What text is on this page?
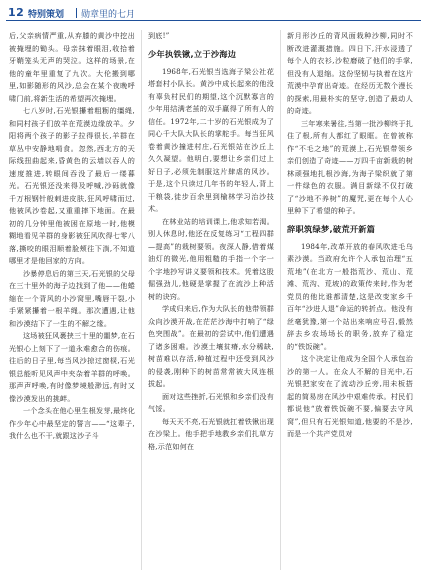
12 特别策划 勋章里的七月

后,父亲病情严重,从弃膝的黄沙中挖出被掩埋的锄头。母亲抹着眼泪,收拾着牙鞘笼头无声的哭泣。这样的场景,在他的童年里重复了九次。大伦搬到哪里,如影随形的风沙,总会在某个夜晚呼啸门前,将新生活的希望再次掩埋。

七八岁时,石光银攥着粗粝的缰绳,和同村孩子们放羊在荒漠边缘放羊。夕阳将两个孩子的影子拉得很长,羊群在草丛中安静地啃食。忽然,西北方的天际线扭曲起来,昏黄色的云墙以吞人的速度推进,转眼间吞没了最后一缕暮光。石光银还没来得及呼喊,沙砾就像千万根钢针般刺进皮肤,狂风呼啸而过,他被风沙卷起,又重重摔下地面。在最初的几分钟里他被困在原地一时,他模糊地看见羊群的身影被狂风吹得七零八落,撕咬的眼泪顺着脸颊往下淌,不知道哪里才是他回家的方向。

沙暴停息后的第三天,石光银的父母在三十里外的海子边找到了他——他蜷缩在一个背风的小沙窝里,嘴唇干裂,小手紧紧攥着一根羊绳。那次遭遇,让他和沙漠结下了一生的不解之缘。

这场被狂风裹挟三十里的噩梦,在石光银心上刻下了一道永难愈合的伤痕。往后的日子里,每当风沙掠过窗棂,石光银总能听见风声中夹杂着羊群的呼唤。那声声呼唤,有时像梦境般渺远,有时又像沙漠发出的挑衅。

一个念头在他心里生根发芽,最终化作少年心中最坚定的誓言——“这辈子,我什么也不干,就跟这沙子斗

到底!”

少年执铁锹,立于沙海边

1968年,石光银当选海子梁公社花塔套村小队长。黄沙中成长起来的他没有辜负村民们的期望,这个沉默寡言的少年用结满老茧的双手赢得了所有人的信任。1972年,二十岁的石光银成为了同心千大队大队长的掌舵手。每当狂风卷着黄沙撞进村庄,石光银站在沙丘上久久凝望。他明白,要想让乡亲们过上好日子,必须先制服这片肆虐的风沙。于是,这个只读过几年书的年轻人,背上干粮袋,徒步百余里到榆林学习治沙技术。

在林业站的培训课上,他求知若渴。别人休息时,他还在反复练习“工程四群—提高”的栽树要领。夜深人静,借着煤油灯的微光,他用粗糙的手指一个字一个字地抄写讲义要领和技术。凭着这股倔强劲儿,他硬是掌握了在流沙上种活树的诀窍。

学成归来后,作为大队长的他带领群众向沙漠开战,在茫茫沙海中打响了“绿色突围战”。在最初的尝试中,他们遭遇了诸多困难。沙漠土壤贫瘠,水分稀缺,树苗难以存活,种植过程中还受到风沙的侵袭,刚种下的树苗常常被大风连根拔起。

面对这些挫折,石光银和乡亲们没有气馁。

每天天不亮,石光银就扛着铁锹出现在沙梁上。他手把手地教乡亲们扎草方格,示范如何在

新月形沙丘的背风面栽种沙柳,同时不断改进灌溉措施。四日下,汗水浸透了每个人的衣衫,沙粒磨破了他们的手掌,但没有人退缩。这份坚韧与执着在这片荒漠中孕育出奇迹。在经历无数个漫长的探索,用最朴实的坚守,创造了最动人的奇迹。

三年寒来暑往,当第一批沙柳终于扎住了根,所有人都红了眼眶。在曾被称作“不毛之地”的荒漠上,石光银带领乡亲们创造了奇迹——万四千亩新栽的树林顽强地扎根沙海,为海子梁织就了第一件绿色的衣服。满目新绿不仅打破了“沙地不养树”的魔咒,更在每个人心里种下了希望的种子。

辞职筑绿梦,破荒开新篇

1984年,改革开放的春风吹进毛乌素沙漠。当政府允许个人承包治理“五荒地”(在北方一般指荒沙、荒山、荒滩、荒沟、荒坡)的政策传来时,作为老党员的他比谁都清楚,这是改变家乡千百年“沙进人退”命运的转折点。他没有丝毫犹豫,第一个站出来响应号召,毅然辞去乡农场场长的职务,放弃了稳定的“铁饭碗”。

这个决定让他成为全国个人承包治沙的第一人。在众人不解的目光中,石光银把家安在了流动沙丘旁,用未板搭起的简易房在风沙中艰难传承。村民们都说他“放着铁饭碗不要,偏要去守风窝”,但只有石光银知道,他要的不是沙,而是一个共产党员对
